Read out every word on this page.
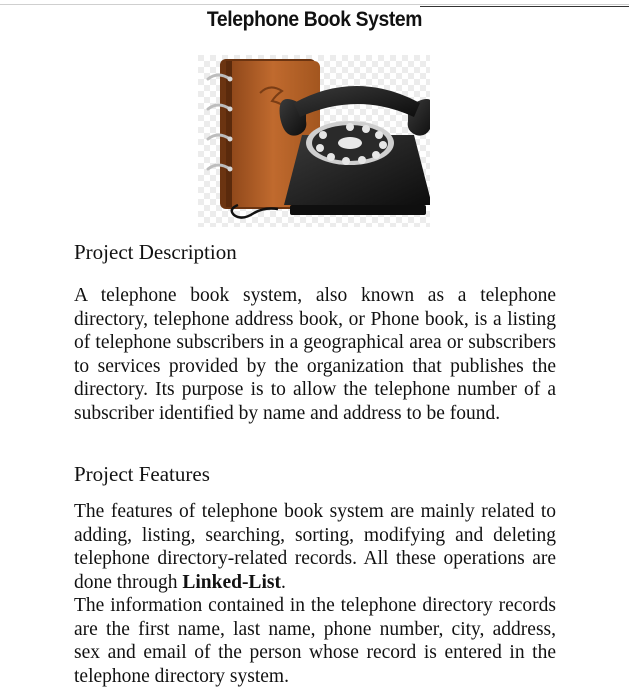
Telephone Book System
Project Description

A telephone book system, also known as a telephone directory, telephone address book, or Phone book, is a listing of telephone subscribers in a geographical area or subscribers to services provided by the organization that publishes the directory. Its purpose is to allow the telephone number of a subscriber identified by name and address to be found.

Project Features

The features of telephone book system are mainly related to adding, listing, searching, sorting, modifying and deleting telephone directory-related records. All these operations are done through Linked-List.

The information contained in the telephone directory records are the first name, last name, phone number, city, address, sex and email of the person whose record is entered in the telephone directory system.
